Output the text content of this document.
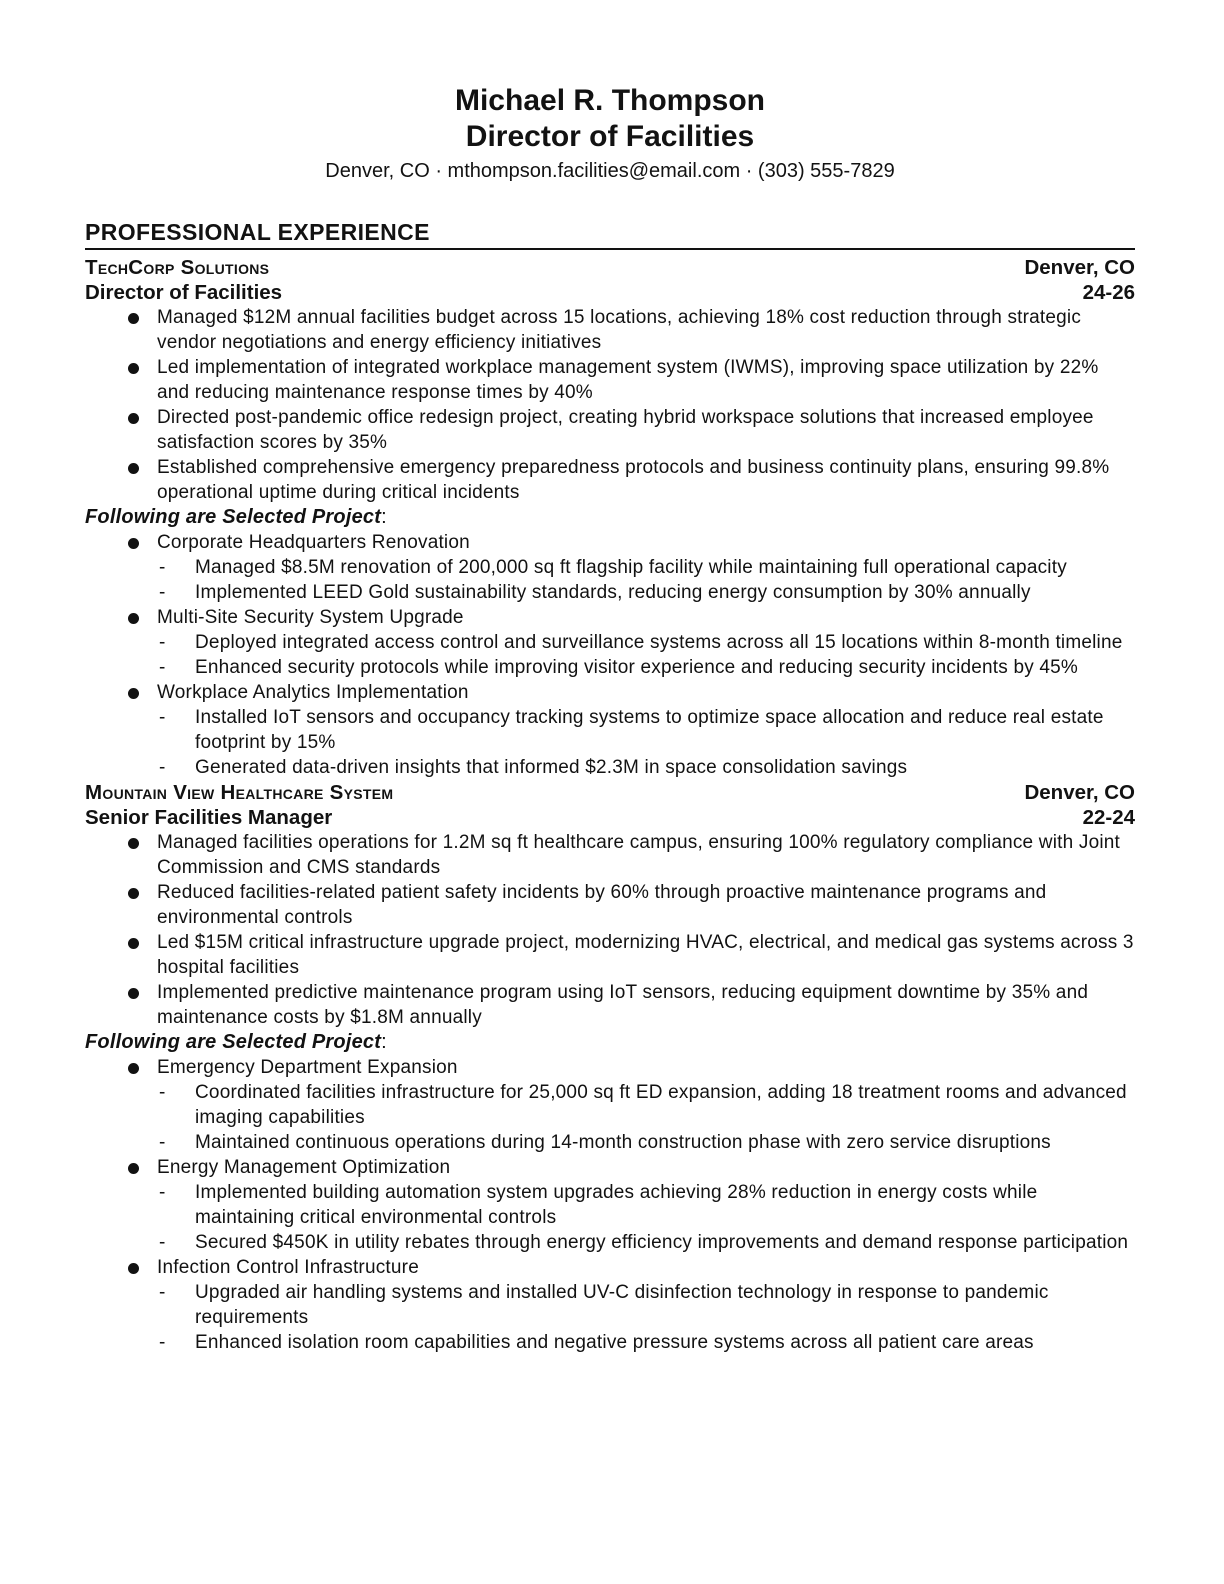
Michael R. Thompson
Director of Facilities

Denver, CO · mthompson.facilities@email.com · (303) 555-7829

PROFESSIONAL EXPERIENCE
TechCorp Solutions	Denver, CO
Director of Facilities	24-26
Managed $12M annual facilities budget across 15 locations, achieving 18% cost reduction through strategic vendor negotiations and energy efficiency initiatives
Led implementation of integrated workplace management system (IWMS), improving space utilization by 22% and reducing maintenance response times by 40%
Directed post-pandemic office redesign project, creating hybrid workspace solutions that increased employee satisfaction scores by 35%
Established comprehensive emergency preparedness protocols and business continuity plans, ensuring 99.8% operational uptime during critical incidents

Following are Selected Project:

Corporate Headquarters Renovation
- Managed $8.5M renovation of 200,000 sq ft flagship facility while maintaining full operational capacity
- Implemented LEED Gold sustainability standards, reducing energy consumption by 30% annually
Multi-Site Security System Upgrade
- Deployed integrated access control and surveillance systems across all 15 locations within 8-month timeline
- Enhanced security protocols while improving visitor experience and reducing security incidents by 45%
Workplace Analytics Implementation
- Installed IoT sensors and occupancy tracking systems to optimize space allocation and reduce real estate footprint by 15%
- Generated data-driven insights that informed $2.3M in space consolidation savings
Mountain View Healthcare System	Denver, CO
Senior Facilities Manager	22-24
Managed facilities operations for 1.2M sq ft healthcare campus, ensuring 100% regulatory compliance with Joint Commission and CMS standards
Reduced facilities-related patient safety incidents by 60% through proactive maintenance programs and environmental controls
Led $15M critical infrastructure upgrade project, modernizing HVAC, electrical, and medical gas systems across 3 hospital facilities
Implemented predictive maintenance program using IoT sensors, reducing equipment downtime by 35% and maintenance costs by $1.8M annually

Following are Selected Project:

Emergency Department Expansion
- Coordinated facilities infrastructure for 25,000 sq ft ED expansion, adding 18 treatment rooms and advanced imaging capabilities
- Maintained continuous operations during 14-month construction phase with zero service disruptions
Energy Management Optimization
- Implemented building automation system upgrades achieving 28% reduction in energy costs while maintaining critical environmental controls
- Secured $450K in utility rebates through energy efficiency improvements and demand response participation
Infection Control Infrastructure
- Upgraded air handling systems and installed UV-C disinfection technology in response to pandemic requirements
- Enhanced isolation room capabilities and negative pressure systems across all patient care areas
